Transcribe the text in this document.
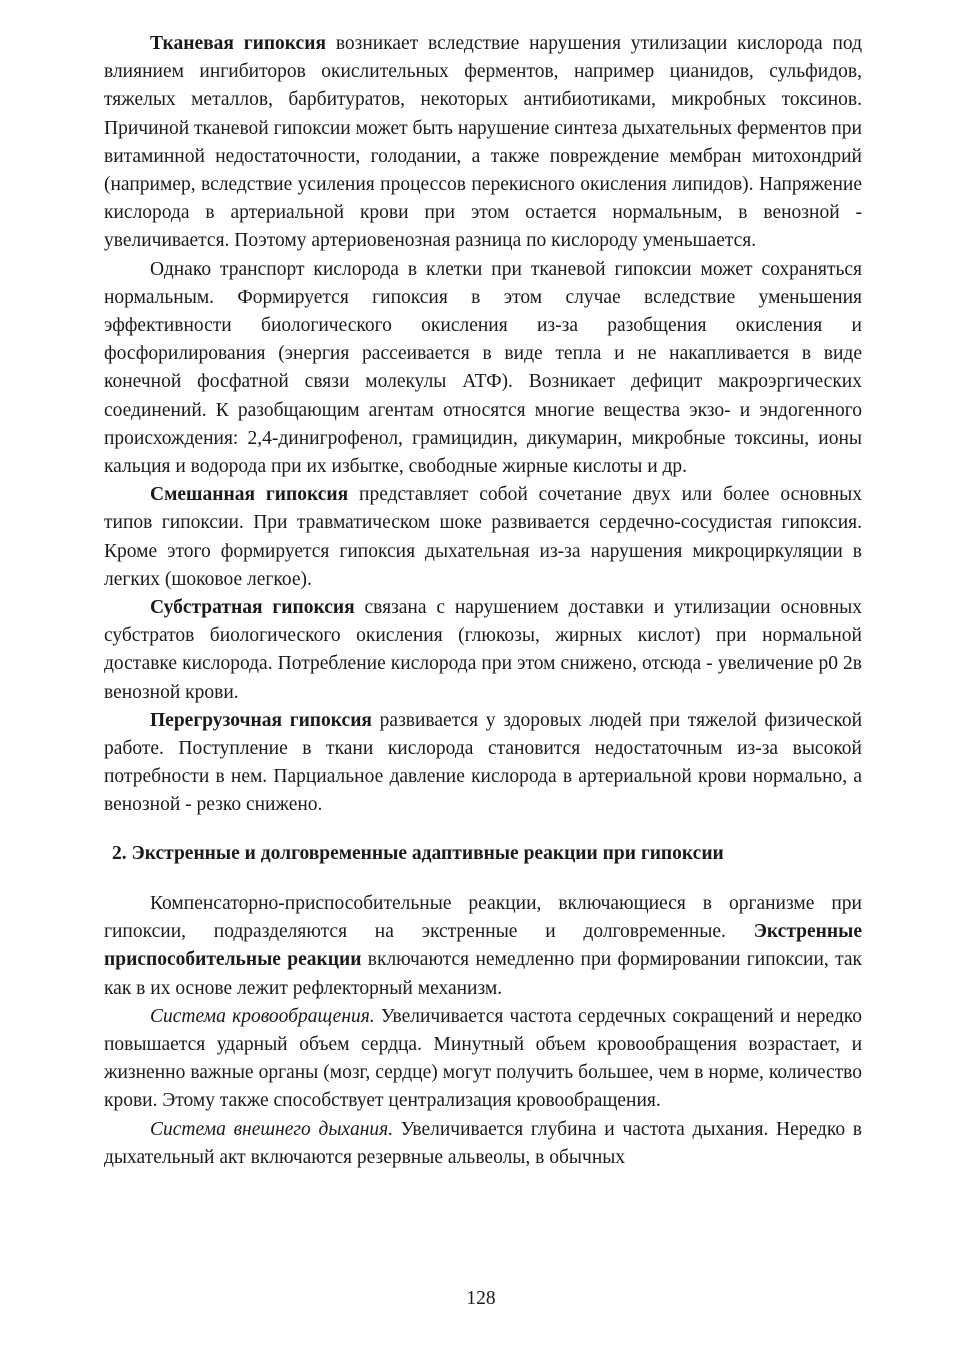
Тканевая гипоксия возникает вследствие нарушения утилизации кислорода под влиянием ингибиторов окислительных ферментов, например цианидов, сульфидов, тяжелых металлов, барбитуратов, некоторых антибиотиками, микробных токсинов. Причиной тканевой гипоксии может быть нарушение синтеза дыхательных ферментов при витаминной недостаточности, голодании, а также повреждение мембран митохондрий (например, вследствие усиления процессов перекисного окисления липидов). Напряжение кислорода в артериальной крови при этом остается нормальным, в венозной - увеличивается. Поэтому артериовенозная разница по кислороду уменьшается.

Однако транспорт кислорода в клетки при тканевой гипоксии может сохраняться нормальным. Формируется гипоксия в этом случае вследствие уменьшения эффективности биологического окисления из-за разобщения окисления и фосфорилирования (энергия рассеивается в виде тепла и не накапливается в виде конечной фосфатной связи молекулы АТФ). Возникает дефицит макроэргических соединений. К разобщающим агентам относятся многие вещества экзо- и эндогенного происхождения: 2,4-динигрофенол, грамицидин, дикумарин, микробные токсины, ионы кальция и водорода при их избытке, свободные жирные кислоты и др.

Смешанная гипоксия представляет собой сочетание двух или более основных типов гипоксии. При травматическом шоке развивается сердечно-сосудистая гипоксия. Кроме этого формируется гипоксия дыхательная из-за нарушения микроциркуляции в легких (шоковое легкое).

Субстратная гипоксия связана с нарушением доставки и утилизации основных субстратов биологического окисления (глюкозы, жирных кислот) при нормальной доставке кислорода. Потребление кислорода при этом снижено, отсюда - увеличение р0 2в венозной крови.

Перегрузочная гипоксия развивается у здоровых людей при тяжелой физической работе. Поступление в ткани кислорода становится недостаточным из-за высокой потребности в нем. Парциальное давление кислорода в артериальной крови нормально, а венозной - резко снижено.

2. Экстренные и долговременные адаптивные реакции при гипоксии

Компенсаторно-приспособительные реакции, включающиеся в организме при гипоксии, подразделяются на экстренные и долговременные. Экстренные приспособительные реакции включаются немедленно при формировании гипоксии, так как в их основе лежит рефлекторный механизм.

Система кровообращения. Увеличивается частота сердечных сокращений и нередко повышается ударный объем сердца. Минутный объем кровообращения возрастает, и жизненно важные органы (мозг, сердце) могут получить большее, чем в норме, количество крови. Этому также способствует централизация кровообращения.

Система внешнего дыхания. Увеличивается глубина и частота дыхания. Нередко в дыхательный акт включаются резервные альвеолы, в обычных

128
